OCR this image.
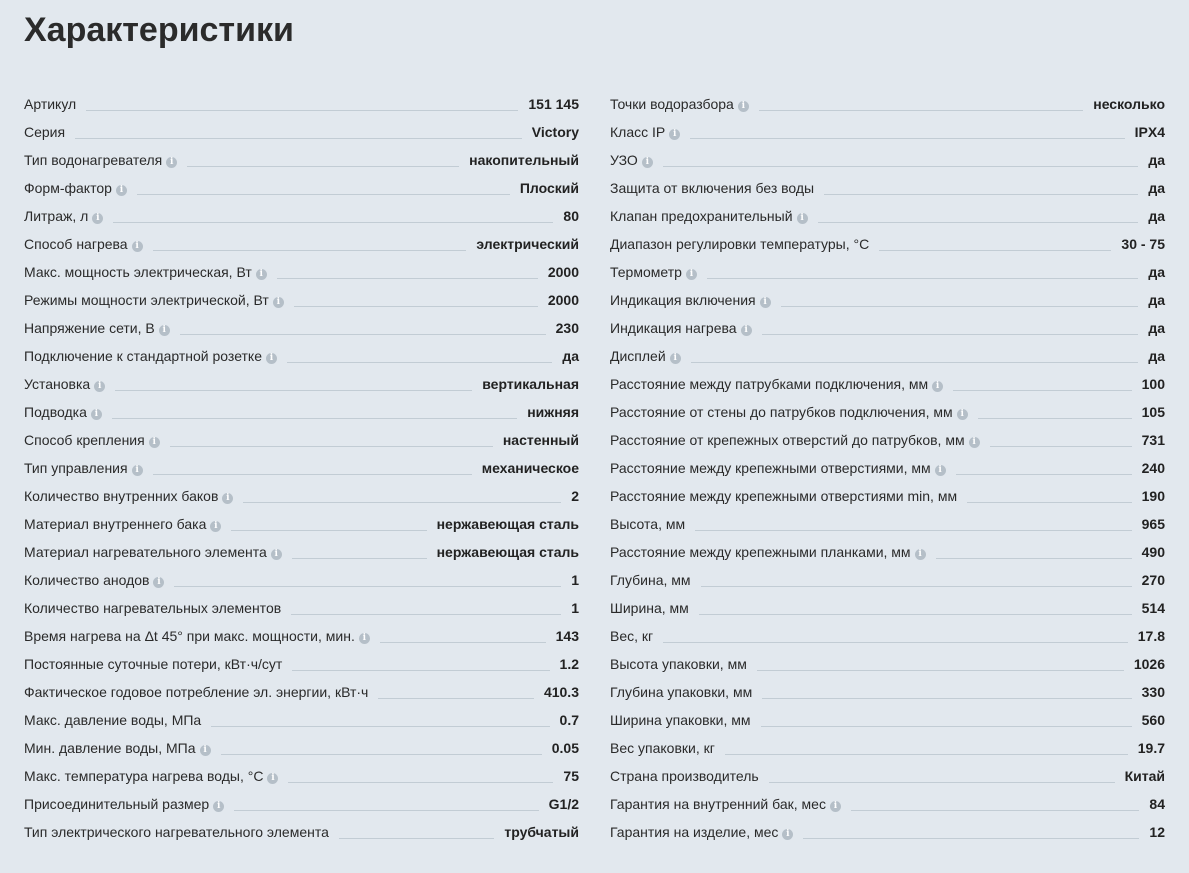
Характеристики
Артикул	151 145
Серия	Victory
Тип водонагревателя i	накопительный
Форм-фактор i	Плоский
Литраж, л i	80
Способ нагрева i	электрический
Макс. мощность электрическая, Вт i	2000
Режимы мощности электрической, Вт i	2000
Напряжение сети, В i	230
Подключение к стандартной розетке i	да
Установка i	вертикальная
Подводка i	нижняя
Способ крепления i	настенный
Тип управления i	механическое
Количество внутренних баков i	2
Материал внутреннего бака i	нержавеющая сталь
Материал нагревательного элемента i	нержавеющая сталь
Количество анодов i	1
Количество нагревательных элементов	1
Время нагрева на Δt 45° при макс. мощности, мин. i	143
Постоянные суточные потери, кВт·ч/сут	1.2
Фактическое годовое потребление эл. энергии, кВт·ч	410.3
Макс. давление воды, МПа	0.7
Мин. давление воды, МПа i	0.05
Макс. температура нагрева воды, °С i	75
Присоединительный размер i	G1/2
Тип электрического нагревательного элемента	трубчатый
Точки водоразбора i	несколько
Класс IP i	IPX4
УЗО i	да
Защита от включения без воды	да
Клапан предохранительный i	да
Диапазон регулировки температуры, °С	30 - 75
Термометр i	да
Индикация включения i	да
Индикация нагрева i	да
Дисплей i	да
Расстояние между патрубками подключения, мм i	100
Расстояние от стены до патрубков подключения, мм i	105
Расстояние от крепежных отверстий до патрубков, мм i	731
Расстояние между крепежными отверстиями, мм i	240
Расстояние между крепежными отверстиями min, мм	190
Высота, мм	965
Расстояние между крепежными планками, мм i	490
Глубина, мм	270
Ширина, мм	514
Вес, кг	17.8
Высота упаковки, мм	1026
Глубина упаковки, мм	330
Ширина упаковки, мм	560
Вес упаковки, кг	19.7
Страна производитель	Китай
Гарантия на внутренний бак, мес i	84
Гарантия на изделие, мес i	12
